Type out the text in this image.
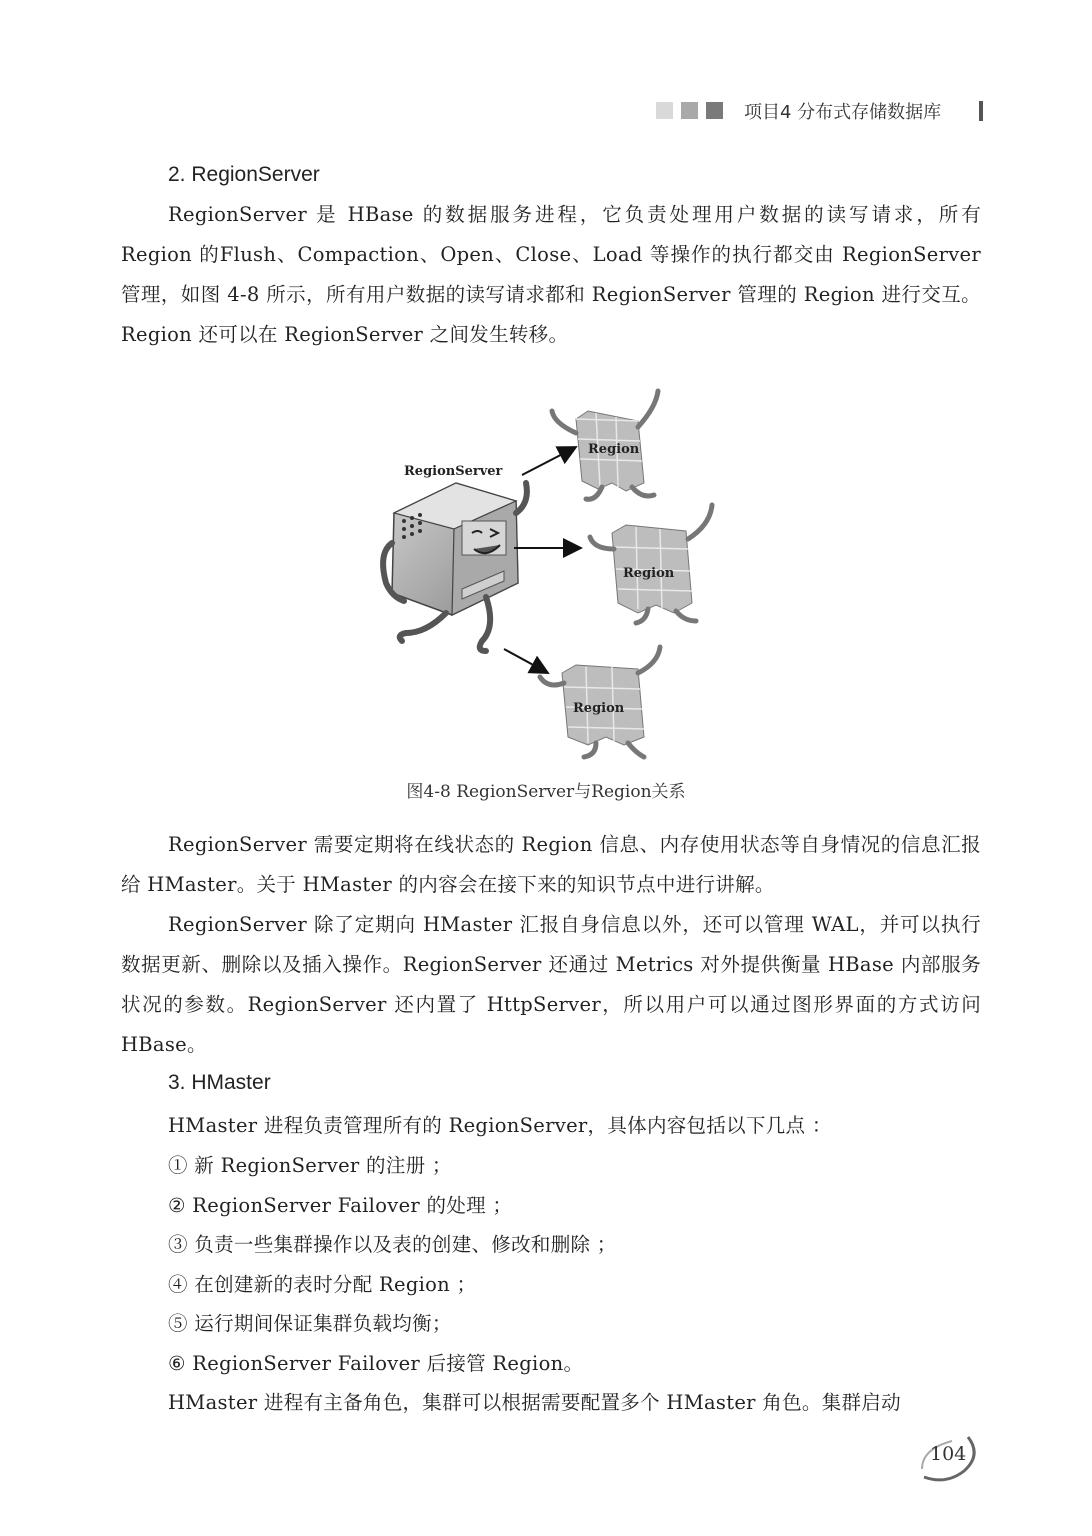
项目4 分布式存储数据库
2. RegionServer

RegionServer 是 HBase 的数据服务进程，它负责处理用户数据的读写请求，所有 Region 的Flush、Compaction、Open、Close、Load 等操作的执行都交由 RegionServer 管理，如图 4-8 所示，所有用户数据的读写请求都和 RegionServer 管理的 Region 进行交互。Region 还可以在 RegionServer 之间发生转移。

RegionServer
Region
Region
Region
图4-8 RegionServer与Region关系

RegionServer 需要定期将在线状态的 Region 信息、内存使用状态等自身情况的信息汇报给 HMaster。关于 HMaster 的内容会在接下来的知识节点中进行讲解。

RegionServer 除了定期向 HMaster 汇报自身信息以外，还可以管理 WAL，并可以执行数据更新、删除以及插入操作。RegionServer 还通过 Metrics 对外提供衡量 HBase 内部服务状况的参数。RegionServer 还内置了 HttpServer，所以用户可以通过图形界面的方式访问 HBase。

3. HMaster
HMaster 进程负责管理所有的 RegionServer，具体内容包括以下几点 ：
① 新 RegionServer 的注册 ；
② RegionServer Failover 的处理 ；
③ 负责一些集群操作以及表的创建、修改和删除 ；
④ 在创建新的表时分配 Region ；
⑤ 运行期间保证集群负载均衡；
⑥ RegionServer Failover 后接管 Region。
HMaster 进程有主备角色，集群可以根据需要配置多个 HMaster 角色。集群启动
104
